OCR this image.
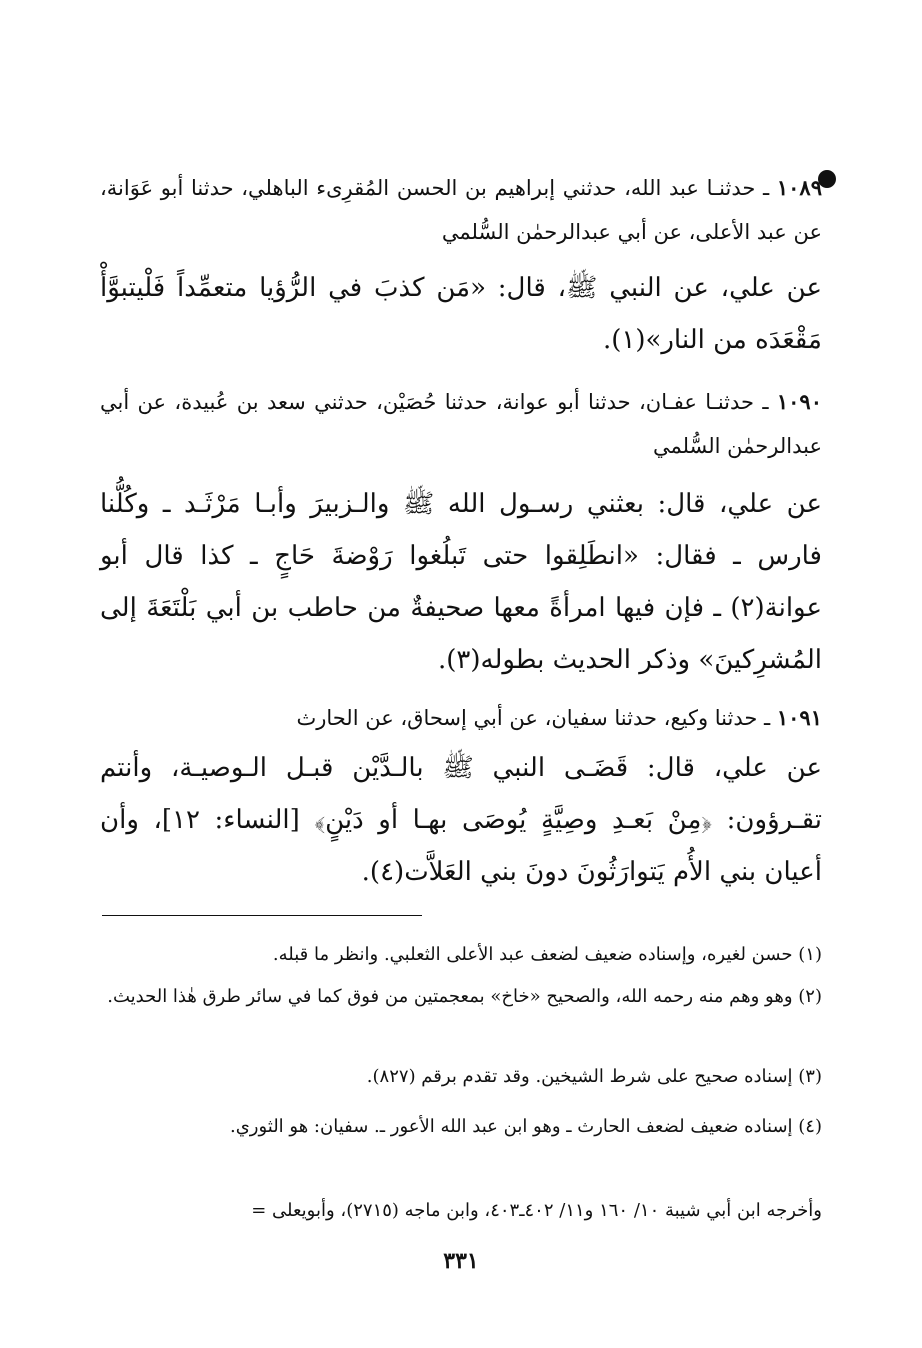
١٠٨٩ ـ حدثنـا عبد الله، حدثني إبراهيم بن الحسن المُقرِىء الباهلي، حدثنا أبو عَوَانة، عن عبد الأعلى، عن أبي عبدالرحمٰن السُّلمي
عن علي، عن النبي ﷺ، قال: «مَن كذبَ في الرُّؤيا متعمِّداً فَلْيتبوَّأْ مَقْعَدَه من النار»(١).
١٠٩٠ ـ حدثنـا عفـان، حدثنا أبو عوانة، حدثنا حُصَيْن، حدثني سعد بن عُبيدة، عن أبي عبدالرحمٰن السُّلمي
عن علي، قال: بعثني رسـول الله ﷺ والـزبيرَ وأبـا مَرْثَـد ـ وكُلُّنا فارس ـ فقال: «انطَلِقوا حتى تَبلُغوا رَوْضةَ حَاجٍ ـ كذا قال أبو عوانة(٢) ـ فإن فيها امرأةً معها صحيفةٌ من حاطب بن أبي بَلْتَعَةَ إلى المُشرِكينَ» وذكر الحديث بطوله(٣).
١٠٩١ ـ حدثنا وكيع، حدثنا سفيان، عن أبي إسحاق، عن الحارث
عن علي، قال: قَضَـى النبي ﷺ بالـدَّيْن قبـل الـوصيـة، وأنتم تقـرؤون: ﴿مِنْ بَعـدِ وصِيَّةٍ يُوصَى بهـا أو دَيْنٍ﴾ [النساء: ١٢]، وأن أعيان بني الأُم يَتوارَثُونَ دونَ بني العَلاَّت(٤).
(١) حسن لغيره، وإسناده ضعيف لضعف عبد الأعلى الثعلبي. وانظر ما قبله.
(٢) وهو وهم منه رحمه الله، والصحيح «خاخ» بمعجمتين من فوق كما في سائر طرق هٰذا الحديث.
(٣) إسناده صحيح على شرط الشيخين. وقد تقدم برقم (٨٢٧).
(٤) إسناده ضعيف لضعف الحارث ـ وهو ابن عبد الله الأعور ـ. سفيان: هو الثوري.
وأخرجه ابن أبي شيبة ١٠/ ١٦٠ و١١/ ٤٠٢ـ٤٠٣، وابن ماجه (٢٧١٥)، وأبويعلى =
٣٣١
